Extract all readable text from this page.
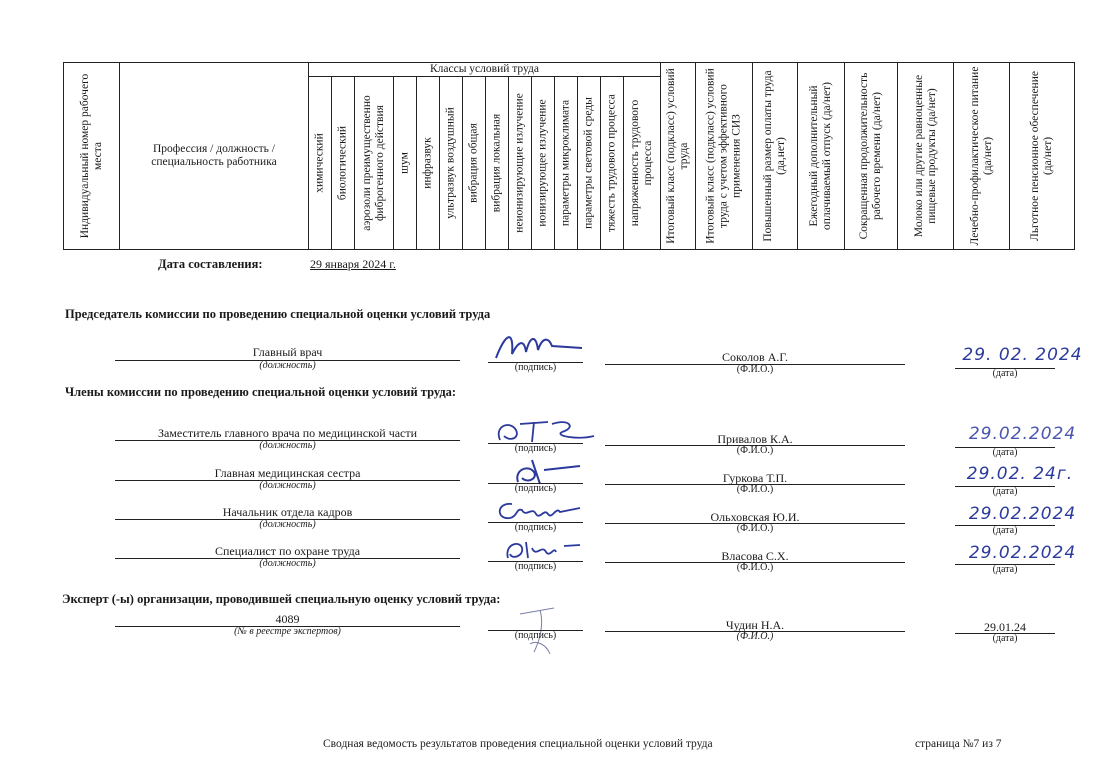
Индивидуальный номер рабочего места	Профессия / должность / специальность работника	Классы условий труда														Итоговый класс (подкласс) условий труда	Итоговый класс (подкласс) условий труда с учетом эффективного применения СИЗ	Повышенный размер оплаты труда (да,нет)	Ежегодный дополнительный оплачиваемый отпуск (да/нет)	Сокращенная продолжительность рабочего времени (да/нет)	Молоко или другие равноценные пищевые продукты (да/нет)	Лечебно-профилактическое питание (да/нет)	Льготное пенсионное обеспечение (да/нет)

		химический	биологический	аэрозоли преимущественно фиброгенного действия	шум	инфразвук	ультразвук воздушный	вибрация общая	вибрация локальная	неионизирующие излучение	ионизирующее излучение	параметры микроклимата	параметры световой среды	тяжесть трудового процесса	напряженность трудового процесса								
Дата составления:	29 января 2024 г.
Председатель комиссии по проведению специальной оценки условий труда
Главный врач
(должность)	(подпись)
Соколов А.Г.
(Ф.И.О.)
29. 02. 2024
(дата)
Члены комиссии по проведению специальной оценки условий труда:
Заместитель главного врача по медицинской части
(должность)	(подпись)
Привалов К.А.
(Ф.И.О.)
29.02.2024
(дата)
Главная медицинская сестра
(должность)	(подпись)
Гуркова Т.П.
(Ф.И.О.)
29.02. 24г.
(дата)
Начальник отдела кадров
(должность)	(подпись)
Ольховская Ю.И.
(Ф.И.О.)
29.02.2024
(дата)
Специалист по охране труда
(должность)	(подпись)
Власова С.Х.
(Ф.И.О.)
29.02.2024
(дата)
Эксперт (-ы) организации, проводившей специальную оценку условий труда:
4089
(№ в реестре экспертов)	(подпись)
Чудин Н.А.
(Ф.И.О.)
29.01.24
(дата)
Сводная ведомость результатов проведения специальной оценки условий труда	страница №7 из 7
